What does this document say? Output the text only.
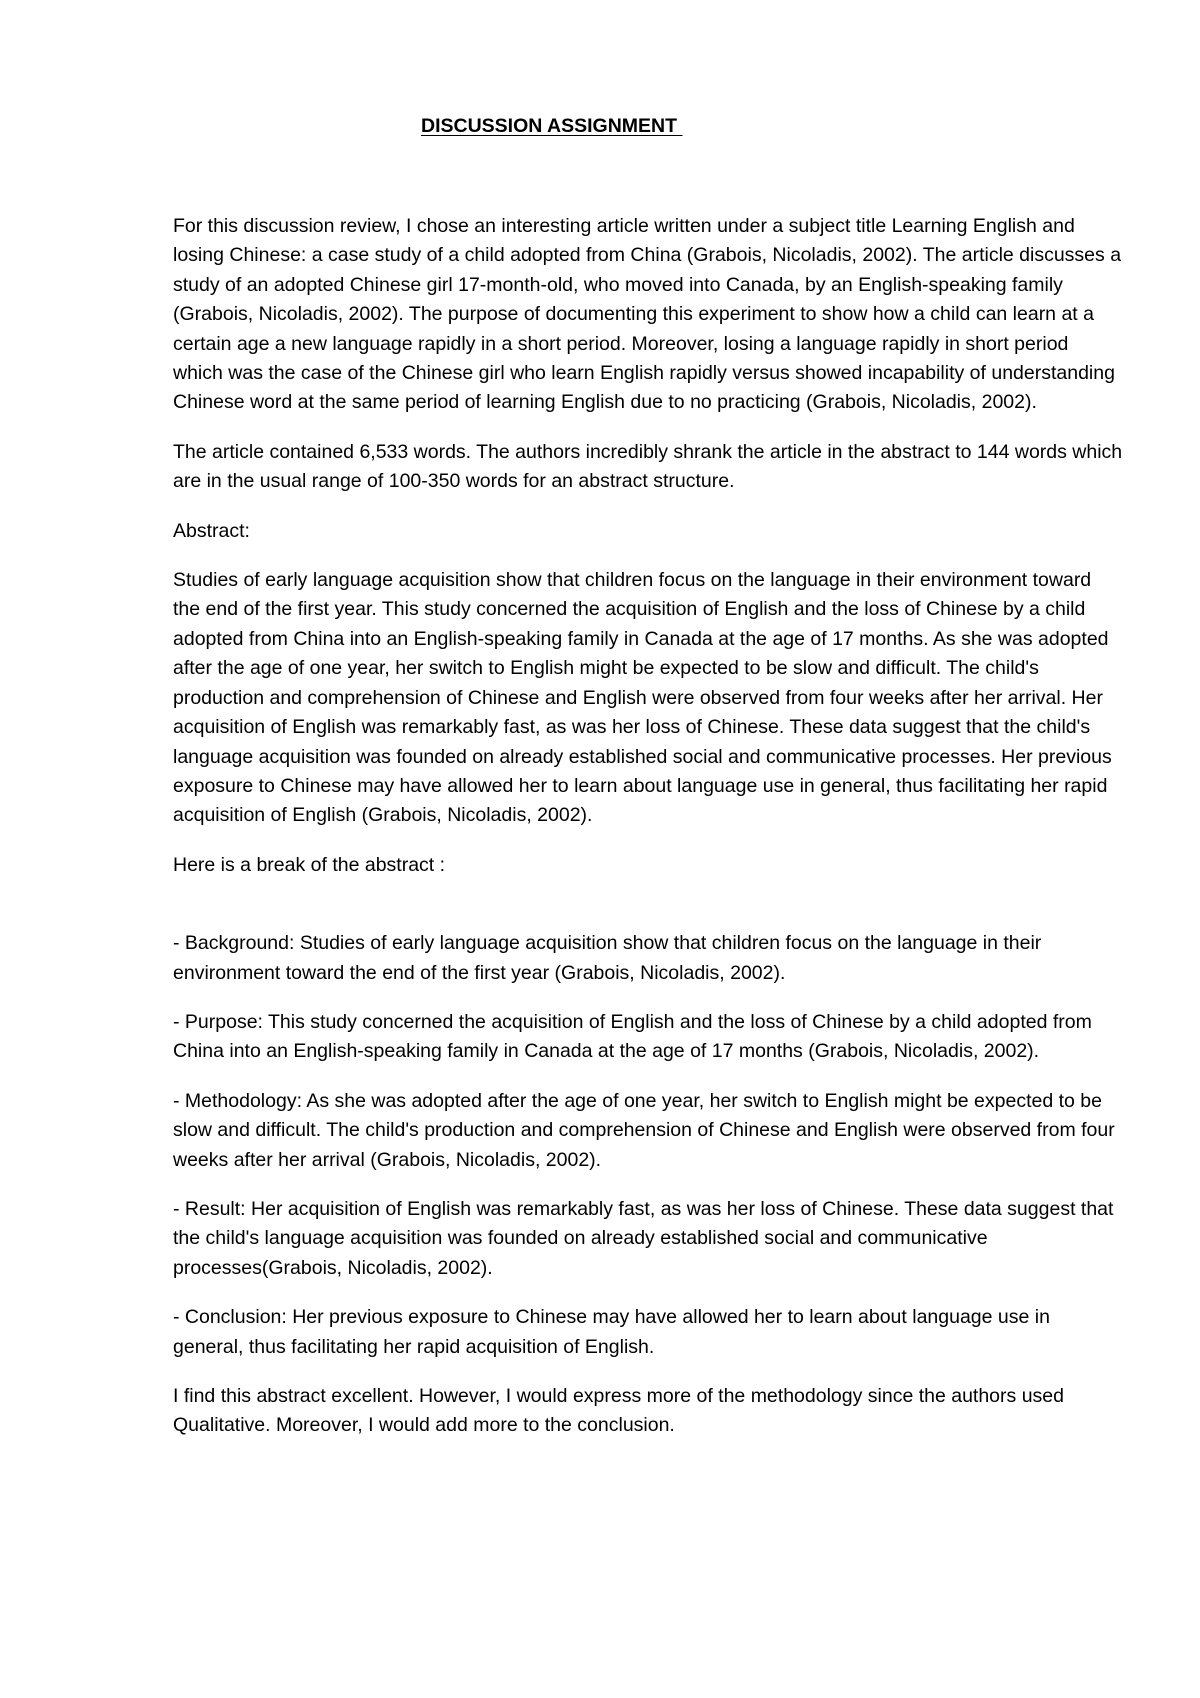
DISCUSSION ASSIGNMENT

For this discussion review, I chose an interesting article written under a subject title Learning English and losing Chinese: a case study of a child adopted from China (Grabois, Nicoladis, 2002). The article discusses a study of an adopted Chinese girl 17-month-old, who moved into Canada, by an English-speaking family (Grabois, Nicoladis, 2002). The purpose of documenting this experiment to show how a child can learn at a certain age a new language rapidly in a short period. Moreover, losing a language rapidly in short period which was the case of the Chinese girl who learn English rapidly versus showed incapability of understanding Chinese word at the same period of learning English due to no practicing (Grabois, Nicoladis, 2002).

The article contained 6,533 words. The authors incredibly shrank the article in the abstract to 144 words which are in the usual range of 100-350 words for an abstract structure.

Abstract:

Studies of early language acquisition show that children focus on the language in their environment toward the end of the first year. This study concerned the acquisition of English and the loss of Chinese by a child adopted from China into an English-speaking family in Canada at the age of 17 months. As she was adopted after the age of one year, her switch to English might be expected to be slow and difficult. The child's production and comprehension of Chinese and English were observed from four weeks after her arrival. Her acquisition of English was remarkably fast, as was her loss of Chinese. These data suggest that the child's language acquisition was founded on already established social and communicative processes. Her previous exposure to Chinese may have allowed her to learn about language use in general, thus facilitating her rapid acquisition of English (Grabois, Nicoladis, 2002).

Here is a break of the abstract :

- Background: Studies of early language acquisition show that children focus on the language in their environment toward the end of the first year (Grabois, Nicoladis, 2002).

- Purpose: This study concerned the acquisition of English and the loss of Chinese by a child adopted from China into an English-speaking family in Canada at the age of 17 months (Grabois, Nicoladis, 2002).

- Methodology: As she was adopted after the age of one year, her switch to English might be expected to be slow and difficult. The child's production and comprehension of Chinese and English were observed from four weeks after her arrival (Grabois, Nicoladis, 2002).

- Result: Her acquisition of English was remarkably fast, as was her loss of Chinese. These data suggest that the child's language acquisition was founded on already established social and communicative processes(Grabois, Nicoladis, 2002).

- Conclusion: Her previous exposure to Chinese may have allowed her to learn about language use in general, thus facilitating her rapid acquisition of English.

I find this abstract excellent. However, I would express more of the methodology since the authors used Qualitative. Moreover, I would add more to the conclusion.
